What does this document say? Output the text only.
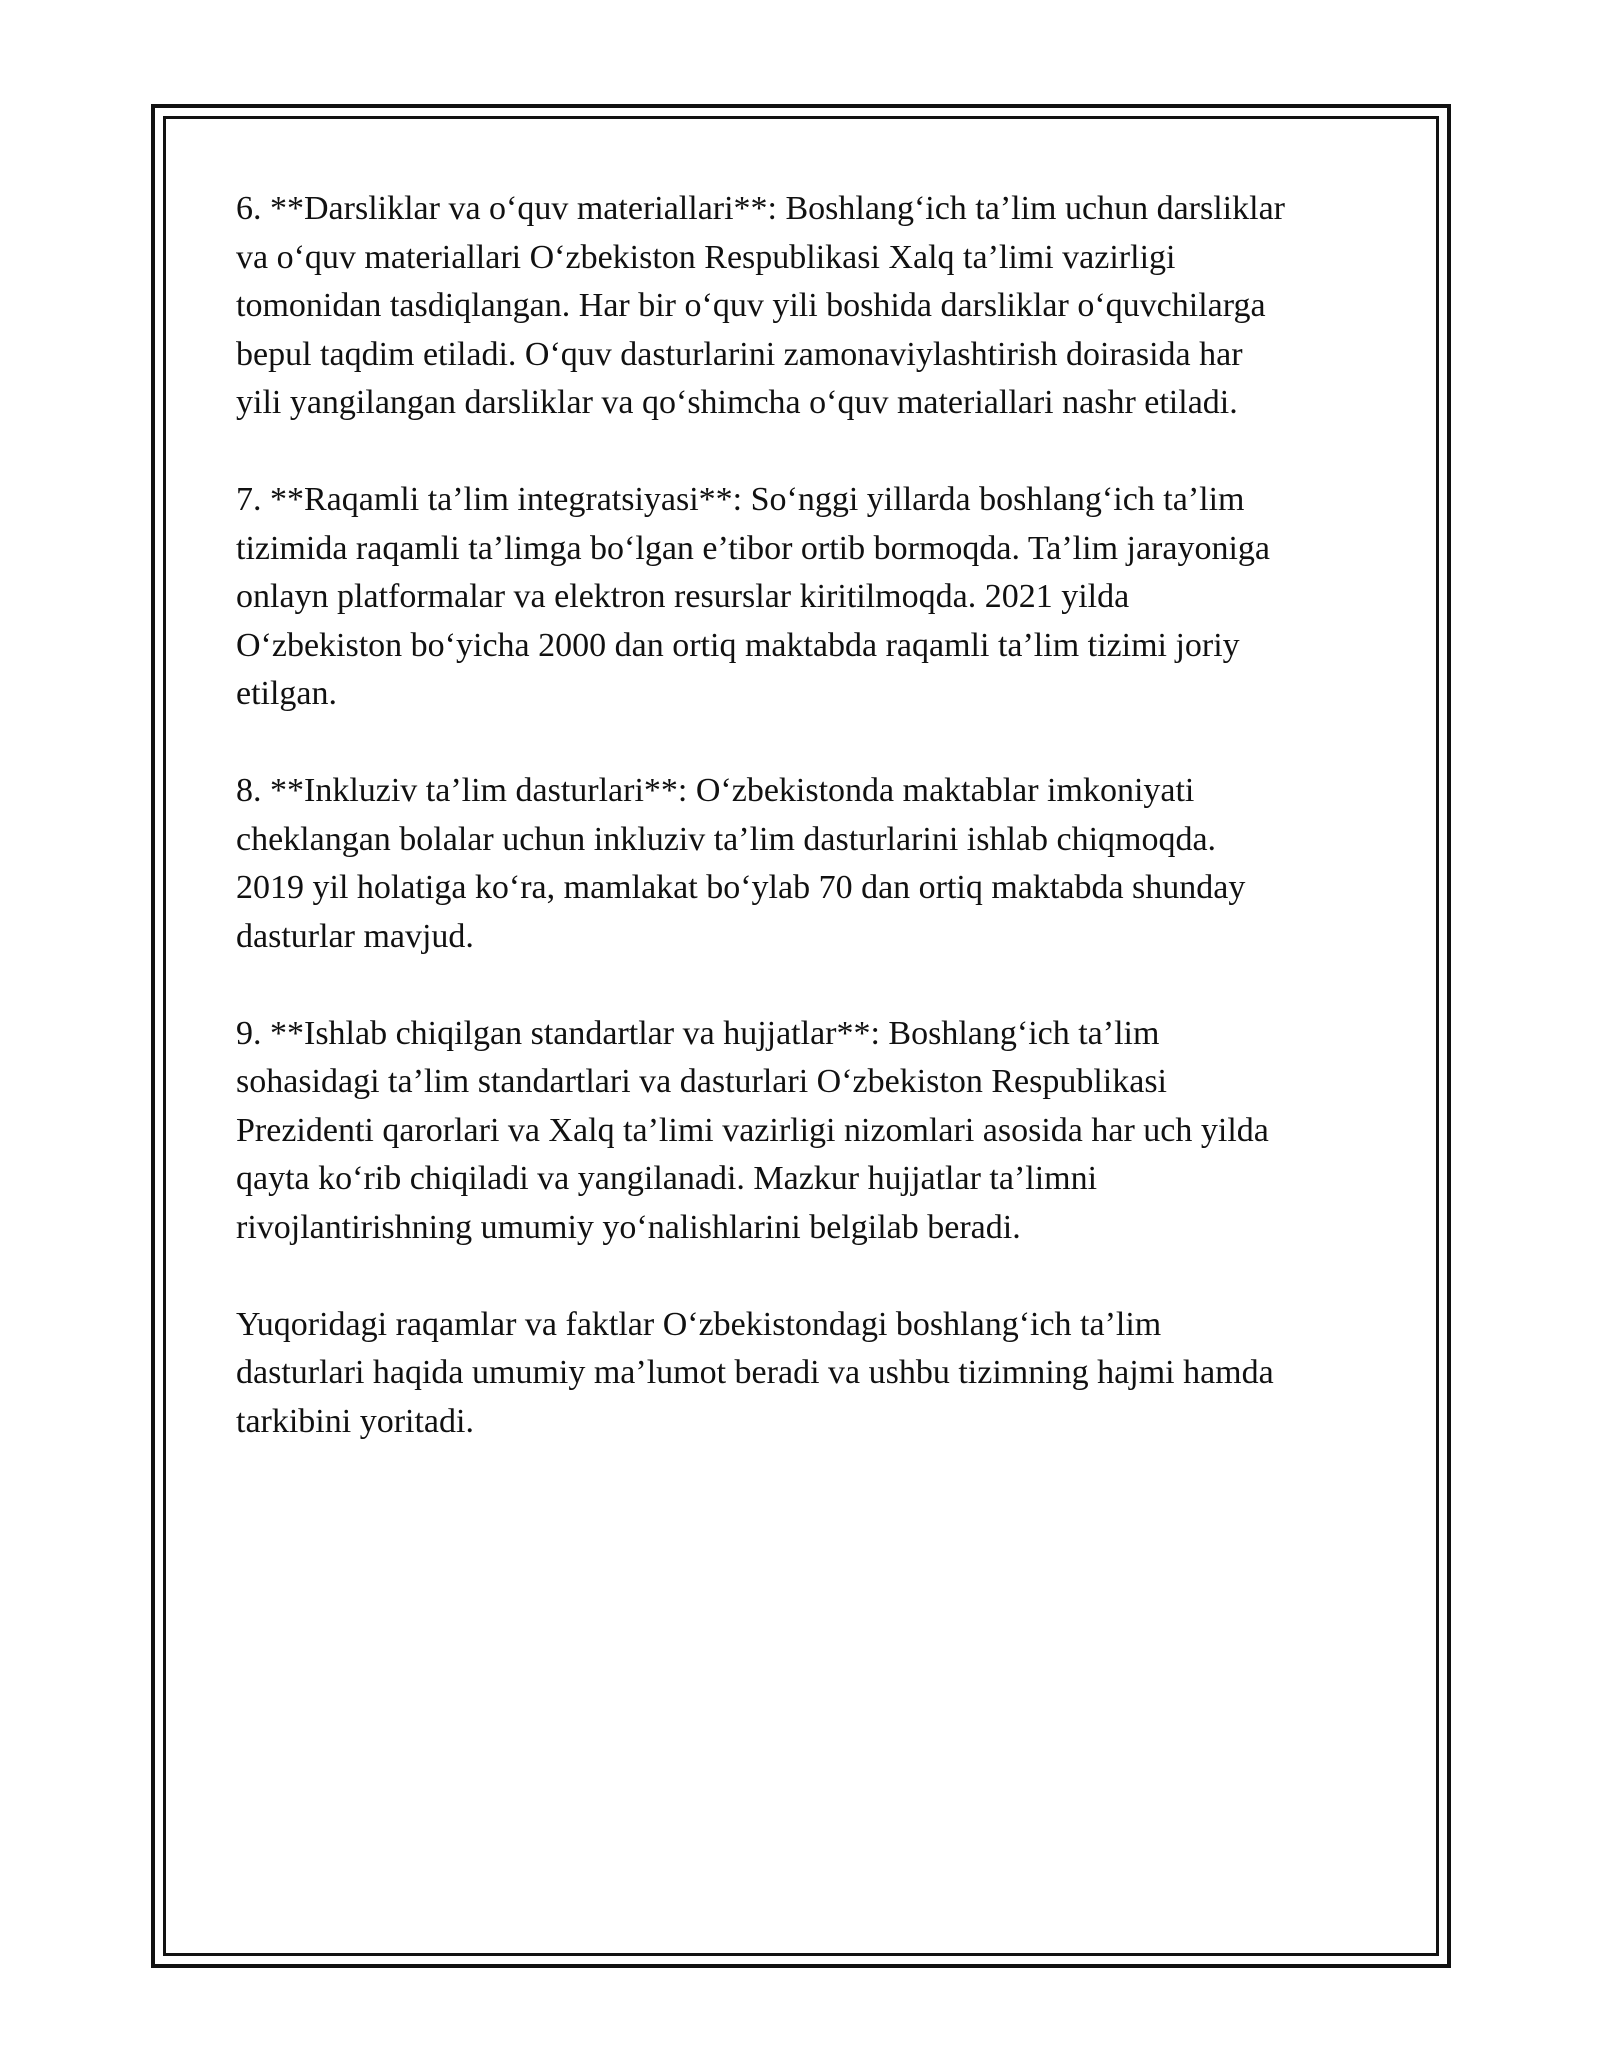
6. **Darsliklar va o‘quv materiallari**: Boshlang‘ich ta’lim uchun darsliklar
va o‘quv materiallari O‘zbekiston Respublikasi Xalq ta’limi vazirligi
tomonidan tasdiqlangan. Har bir o‘quv yili boshida darsliklar o‘quvchilarga
bepul taqdim etiladi. O‘quv dasturlarini zamonaviylashtirish doirasida har
yili yangilangan darsliklar va qo‘shimcha o‘quv materiallari nashr etiladi.

7. **Raqamli ta’lim integratsiyasi**: So‘nggi yillarda boshlang‘ich ta’lim
tizimida raqamli ta’limga bo‘lgan e’tibor ortib bormoqda. Ta’lim jarayoniga
onlayn platformalar va elektron resurslar kiritilmoqda. 2021 yilda
O‘zbekiston bo‘yicha 2000 dan ortiq maktabda raqamli ta’lim tizimi joriy
etilgan.

8. **Inkluziv ta’lim dasturlari**: O‘zbekistonda maktablar imkoniyati
cheklangan bolalar uchun inkluziv ta’lim dasturlarini ishlab chiqmoqda.
2019 yil holatiga ko‘ra, mamlakat bo‘ylab 70 dan ortiq maktabda shunday
dasturlar mavjud.

9. **Ishlab chiqilgan standartlar va hujjatlar**: Boshlang‘ich ta’lim
sohasidagi ta’lim standartlari va dasturlari O‘zbekiston Respublikasi
Prezidenti qarorlari va Xalq ta’limi vazirligi nizomlari asosida har uch yilda
qayta ko‘rib chiqiladi va yangilanadi. Mazkur hujjatlar ta’limni
rivojlantirishning umumiy yo‘nalishlarini belgilab beradi.

Yuqoridagi raqamlar va faktlar O‘zbekistondagi boshlang‘ich ta’lim
dasturlari haqida umumiy ma’lumot beradi va ushbu tizimning hajmi hamda
tarkibini yoritadi.
